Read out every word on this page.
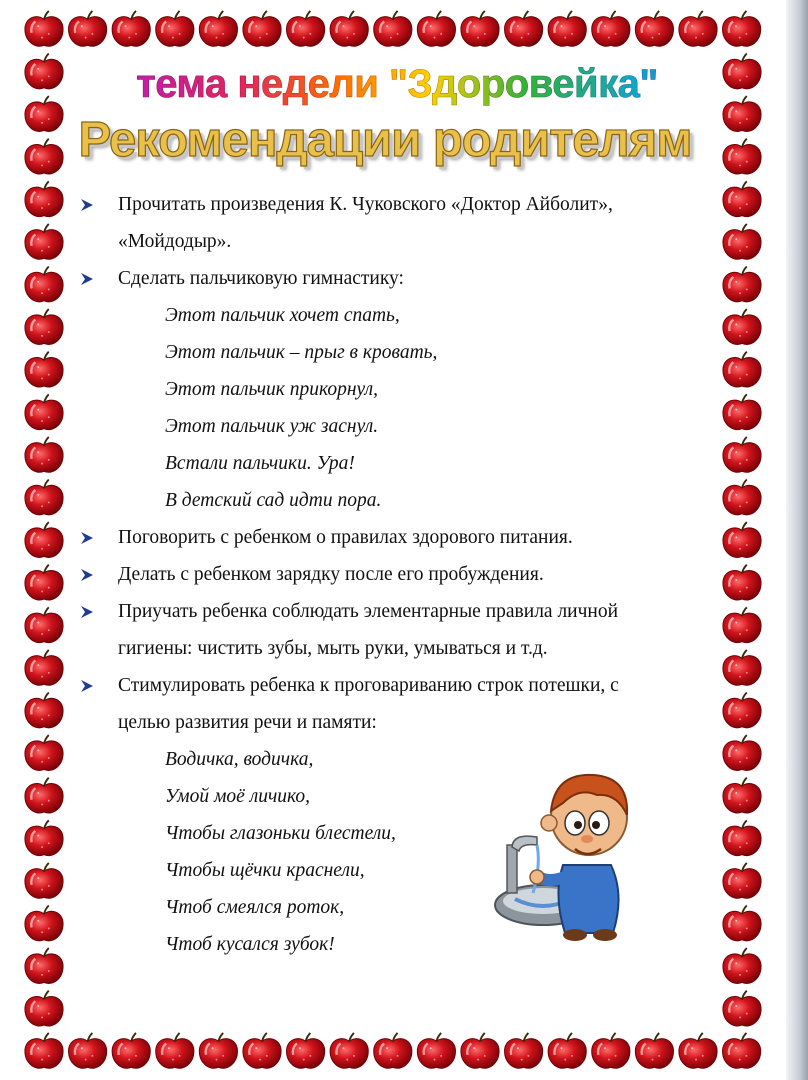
тема недели "Здоровейка"
Рекомендации родителям
Прочитать произведения К. Чуковского «Доктор Айболит»,
«Мойдодыр».
Сделать пальчиковую гимнастику:
Этот пальчик хочет спать,
Этот пальчик – прыг в кровать,
Этот пальчик прикорнул,
Этот пальчик уж заснул.
Встали пальчики. Ура!
В детский сад идти пора.
Поговорить с ребенком о правилах здорового питания.
Делать с ребенком зарядку после его пробуждения.
Приучать ребенка соблюдать элементарные правила личной
гигиены: чистить зубы, мыть руки, умываться и т.д.
Стимулировать ребенка к проговариванию строк потешки, с
целью развития речи и памяти:
Водичка, водичка,
Умой моё личико,
Чтобы глазоньки блестели,
Чтобы щёчки краснели,
Чтоб смеялся роток,
Чтоб кусался зубок!
